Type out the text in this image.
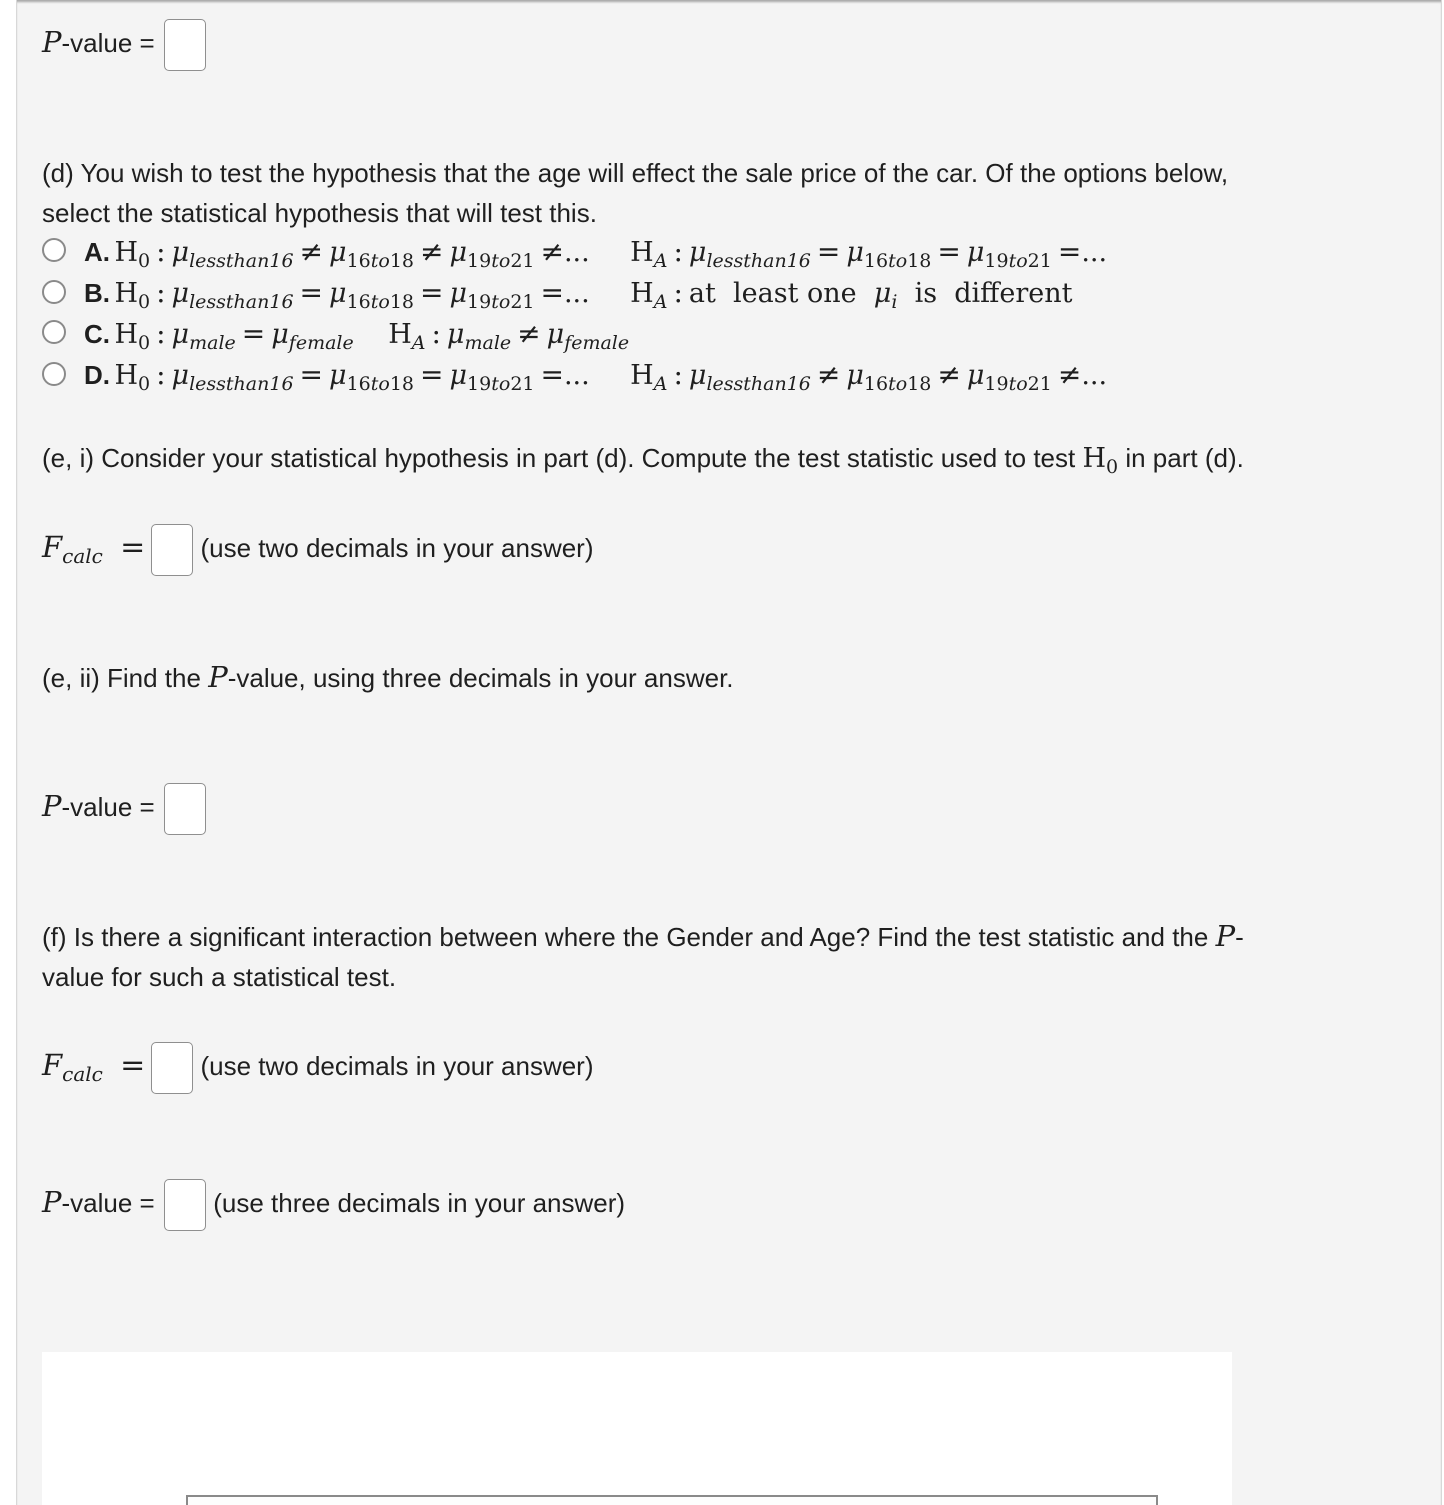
P-value =
(d) You wish to test the hypothesis that the age will effect the sale price of the car. Of the options below,
select the statistical hypothesis that will test this.
A. $H_0$ : $\mu_{lessthan16} \ne \mu_{16to18} \ne \mu_{19to21}$ ≠... $H_A$ : $\mu_{lessthan16} = \mu_{16to18} = \mu_{19to21}$ =...
B. $H_0$ : $\mu_{lessthan16} = \mu_{16to18} = \mu_{19to21}$ =... $H_A$ : at  least one  $\mu_i$  is  different
C. $H_0$ : $\mu_{male} = \mu_{female}$ $H_A$ : $\mu_{male} \ne \mu_{female}$
D. $H_0$ : $\mu_{lessthan16} = \mu_{16to18} = \mu_{19to21}$ =... $H_A$ : $\mu_{lessthan16} \ne \mu_{16to18} \ne \mu_{19to21}$ ≠...
(e, i) Consider your statistical hypothesis in part (d). Compute the test statistic used to test $H_0$ in part (d).
$F_{calc} = (use$ two decimals in your answer)
(e, ii) Find the P-value, using three decimals in your answer.
P-value =
(f) Is there a significant interaction between where the Gender and Age? Find the test statistic and the P-
value for such a statistical test.
$F_{calc} = (use$ two decimals in your answer)
P-value = (use three decimals in your answer)
